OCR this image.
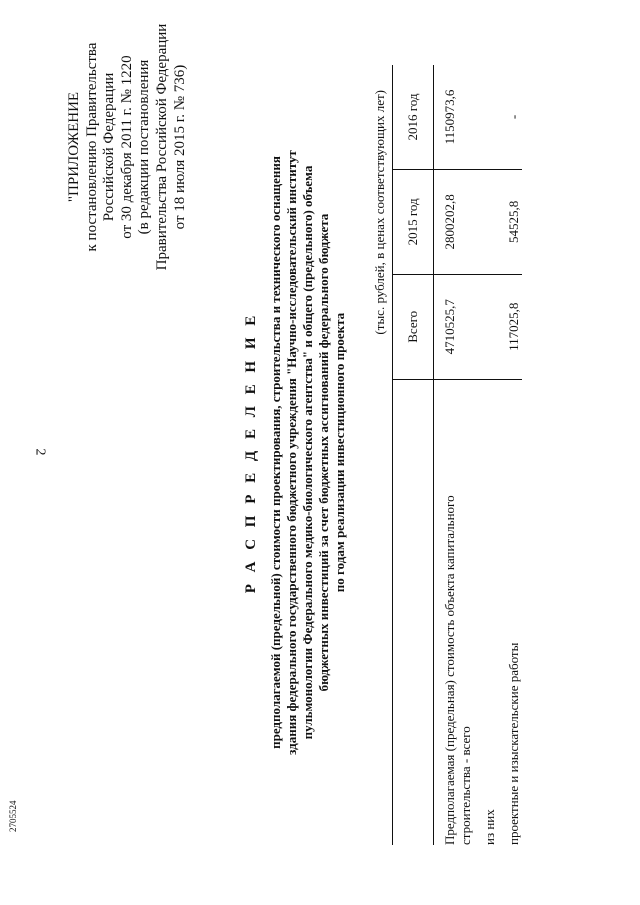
2
2705524
"ПРИЛОЖЕНИЕ к постановлению Правительства Российской Федерации от 30 декабря 2011 г. № 1220 (в редакции постановления Правительства Российской Федерации от 18 июля 2015 г. № 736)
Р А С П Р Е Д Е Л Е Н И Е предполагаемой (предельной) стоимости проектирования, строительства и технического оснащения здания федерального государственного бюджетного учреждения "Научно-исследовательский институт пульмонологии Федерального медико-биологического агентства" и общего (предельного) объема бюджетных инвестиций за счет бюджетных ассигнований федерального бюджета по годам реализации инвестиционного проекта
(тыс. рублей, в ценах соответствующих лет)
	Всего	2015 год	2016 год

Предполагаемая (предельная) стоимость объекта капитального строительства - всего	4710525,7	2800202,8	1150973,6

из них			

проектные и изыскательские работы	117025,8	54525,8	-
